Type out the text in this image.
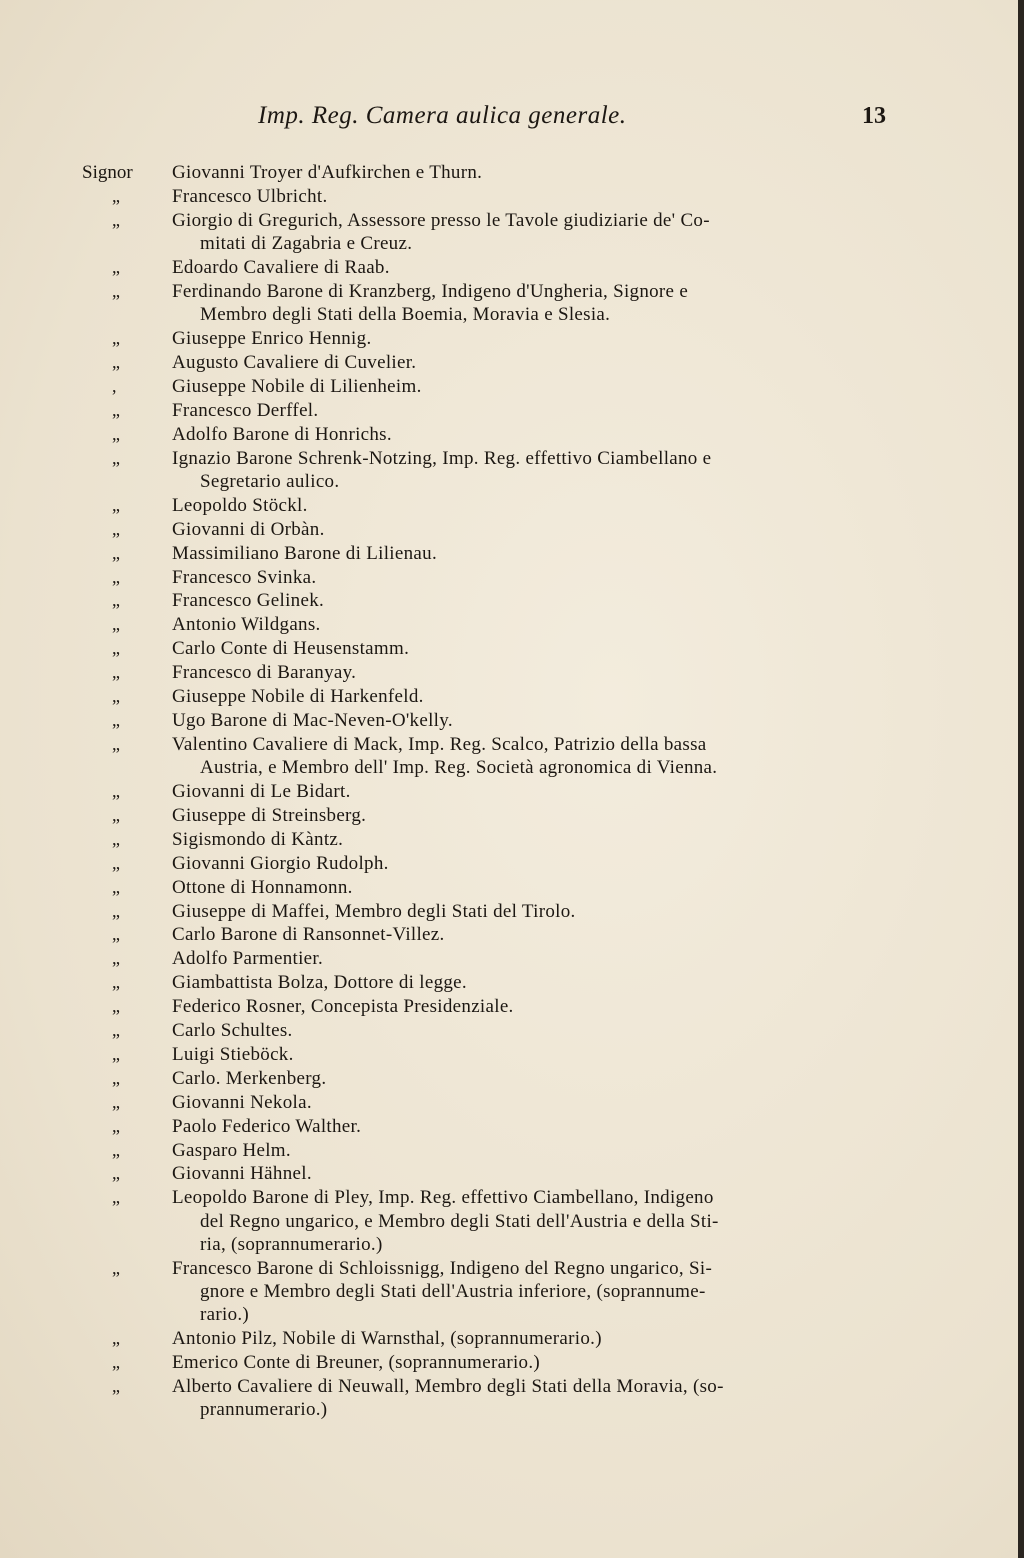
Imp. Reg. Camera aulica generale.	13
Signor	Giovanni Troyer d'Aufkirchen e Thurn.
„	Francesco Ulbricht.
„	Giorgio di Gregurich, Assessore presso le Tavole giudiziarie de' Co-
mitati di Zagabria e Creuz.
„	Edoardo Cavaliere di Raab.
„	Ferdinando Barone di Kranzberg, Indigeno d'Ungheria, Signore e
Membro degli Stati della Boemia, Moravia e Slesia.
„	Giuseppe Enrico Hennig.
„	Augusto Cavaliere di Cuvelier.
,	Giuseppe Nobile di Lilienheim.
„	Francesco Derffel.
„	Adolfo Barone di Honrichs.
„	Ignazio Barone Schrenk-Notzing, Imp. Reg. effettivo Ciambellano e
Segretario aulico.
„	Leopoldo Stöckl.
„	Giovanni di Orbàn.
„	Massimiliano Barone di Lilienau.
„	Francesco Svinka.
„	Francesco Gelinek.
„	Antonio Wildgans.
„	Carlo Conte di Heusenstamm.
„	Francesco di Baranyay.
„	Giuseppe Nobile di Harkenfeld.
„	Ugo Barone di Mac-Neven-O'kelly.
„	Valentino Cavaliere di Mack, Imp. Reg. Scalco, Patrizio della bassa
Austria, e Membro dell' Imp. Reg. Società agronomica di Vienna.
„	Giovanni di Le Bidart.
„	Giuseppe di Streinsberg.
„	Sigismondo di Kàntz.
„	Giovanni Giorgio Rudolph.
„	Ottone di Honnamonn.
„	Giuseppe di Maffei, Membro degli Stati del Tirolo.
„	Carlo Barone di Ransonnet-Villez.
„	Adolfo Parmentier.
„	Giambattista Bolza, Dottore di legge.
„	Federico Rosner, Concepista Presidenziale.
„	Carlo Schultes.
„	Luigi Stieböck.
„	Carlo. Merkenberg.
„	Giovanni Nekola.
„	Paolo Federico Walther.
„	Gasparo Helm.
„	Giovanni Hähnel.
„	Leopoldo Barone di Pley, Imp. Reg. effettivo Ciambellano, Indigeno
del Regno ungarico, e Membro degli Stati dell'Austria e della Sti-
ria, (soprannumerario.)
„	Francesco Barone di Schloissnigg, Indigeno del Regno ungarico, Si-
gnore e Membro degli Stati dell'Austria inferiore, (soprannume-
rario.)
„	Antonio Pilz, Nobile di Warnsthal, (soprannumerario.)
„	Emerico Conte di Breuner, (soprannumerario.)
„	Alberto Cavaliere di Neuwall, Membro degli Stati della Moravia, (so-
prannumerario.)
